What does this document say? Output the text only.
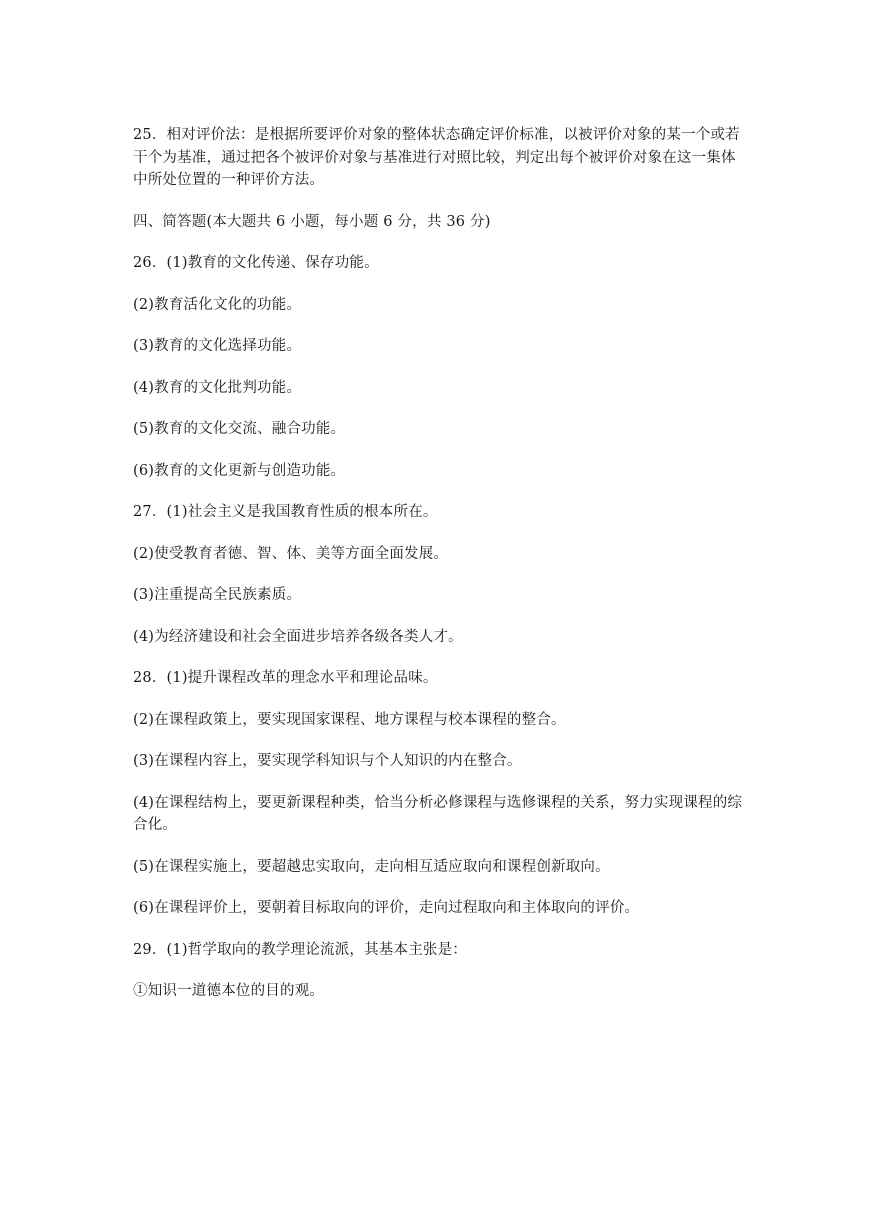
25．相对评价法：是根据所要评价对象的整体状态确定评价标准，以被评价对象的某一个或若干个为基准，通过把各个被评价对象与基准进行对照比较，判定出每个被评价对象在这一集体中所处位置的一种评价方法。

四、简答题(本大题共 6 小题，每小题 6 分，共 36 分)

26．(1)教育的文化传递、保存功能。

(2)教育活化文化的功能。

(3)教育的文化选择功能。

(4)教育的文化批判功能。

(5)教育的文化交流、融合功能。

(6)教育的文化更新与创造功能。

27．(1)社会主义是我国教育性质的根本所在。

(2)使受教育者德、智、体、美等方面全面发展。

(3)注重提高全民族素质。

(4)为经济建设和社会全面进步培养各级各类人才。

28．(1)提升课程改革的理念水平和理论品味。

(2)在课程政策上，要实现国家课程、地方课程与校本课程的整合。

(3)在课程内容上，要实现学科知识与个人知识的内在整合。

(4)在课程结构上，要更新课程种类，恰当分析必修课程与选修课程的关系，努力实现课程的综合化。

(5)在课程实施上，要超越忠实取向，走向相互适应取向和课程创新取向。

(6)在课程评价上，要朝着目标取向的评价，走向过程取向和主体取向的评价。

29．(1)哲学取向的教学理论流派，其基本主张是：

①知识一道德本位的目的观。
